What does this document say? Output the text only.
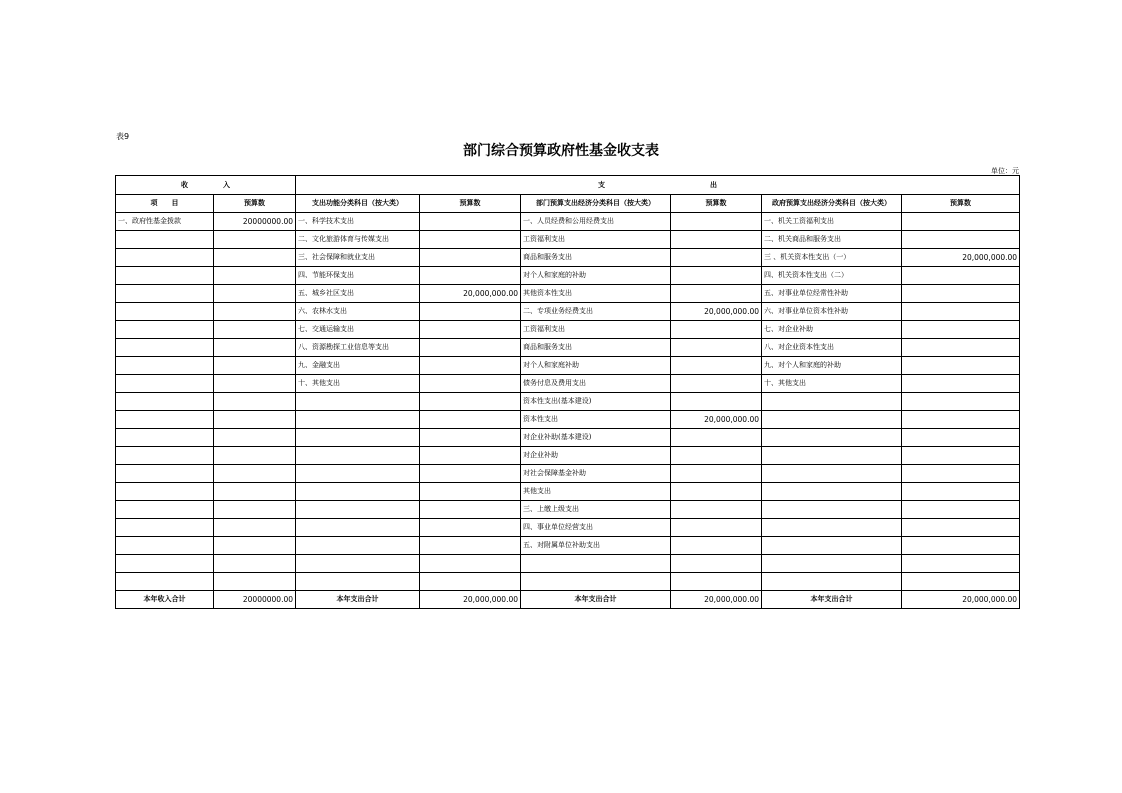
表9
部门综合预算政府性基金收支表
单位：元
收　　　　　入		支　　　　　　　　　　　　　　　出					
项　　目	预算数	支出功能分类科目（按大类）	预算数	部门预算支出经济分类科目（按大类）	预算数	政府预算支出经济分类科目（按大类）	预算数
一、政府性基金拨款	20000000.00	一、科学技术支出		一、人员经费和公用经费支出		一、机关工资福利支出	
		二、文化旅游体育与传媒支出		工资福利支出		二、机关商品和服务支出	
		三、社会保障和就业支出		商品和服务支出		三 、机关资本性支出（一）	20,000,000.00
		四、节能环保支出		对个人和家庭的补助		四、机关资本性支出（二）	
		五、城乡社区支出	20,000,000.00	其他资本性支出		五、对事业单位经常性补助	
		六、农林水支出		二、专项业务经费支出	20,000,000.00	六、对事业单位资本性补助	
		七、交通运输支出		工资福利支出		七、对企业补助	
		八、资源勘探工业信息等支出		商品和服务支出		八、对企业资本性支出	
		九、金融支出		对个人和家庭补助		九、对个人和家庭的补助	
		十、其他支出		债务付息及费用支出		十、其他支出	
				资本性支出(基本建设)			
				资本性支出	20,000,000.00		
				对企业补助(基本建设)			
				对企业补助			
				对社会保障基金补助			
				其他支出			
				三、上缴上级支出			
				四、事业单位经营支出			
				五、对附属单位补助支出			

本年收入合计	20000000.00	本年支出合计	20,000,000.00	本年支出合计	20,000,000.00	本年支出合计	20,000,000.00
